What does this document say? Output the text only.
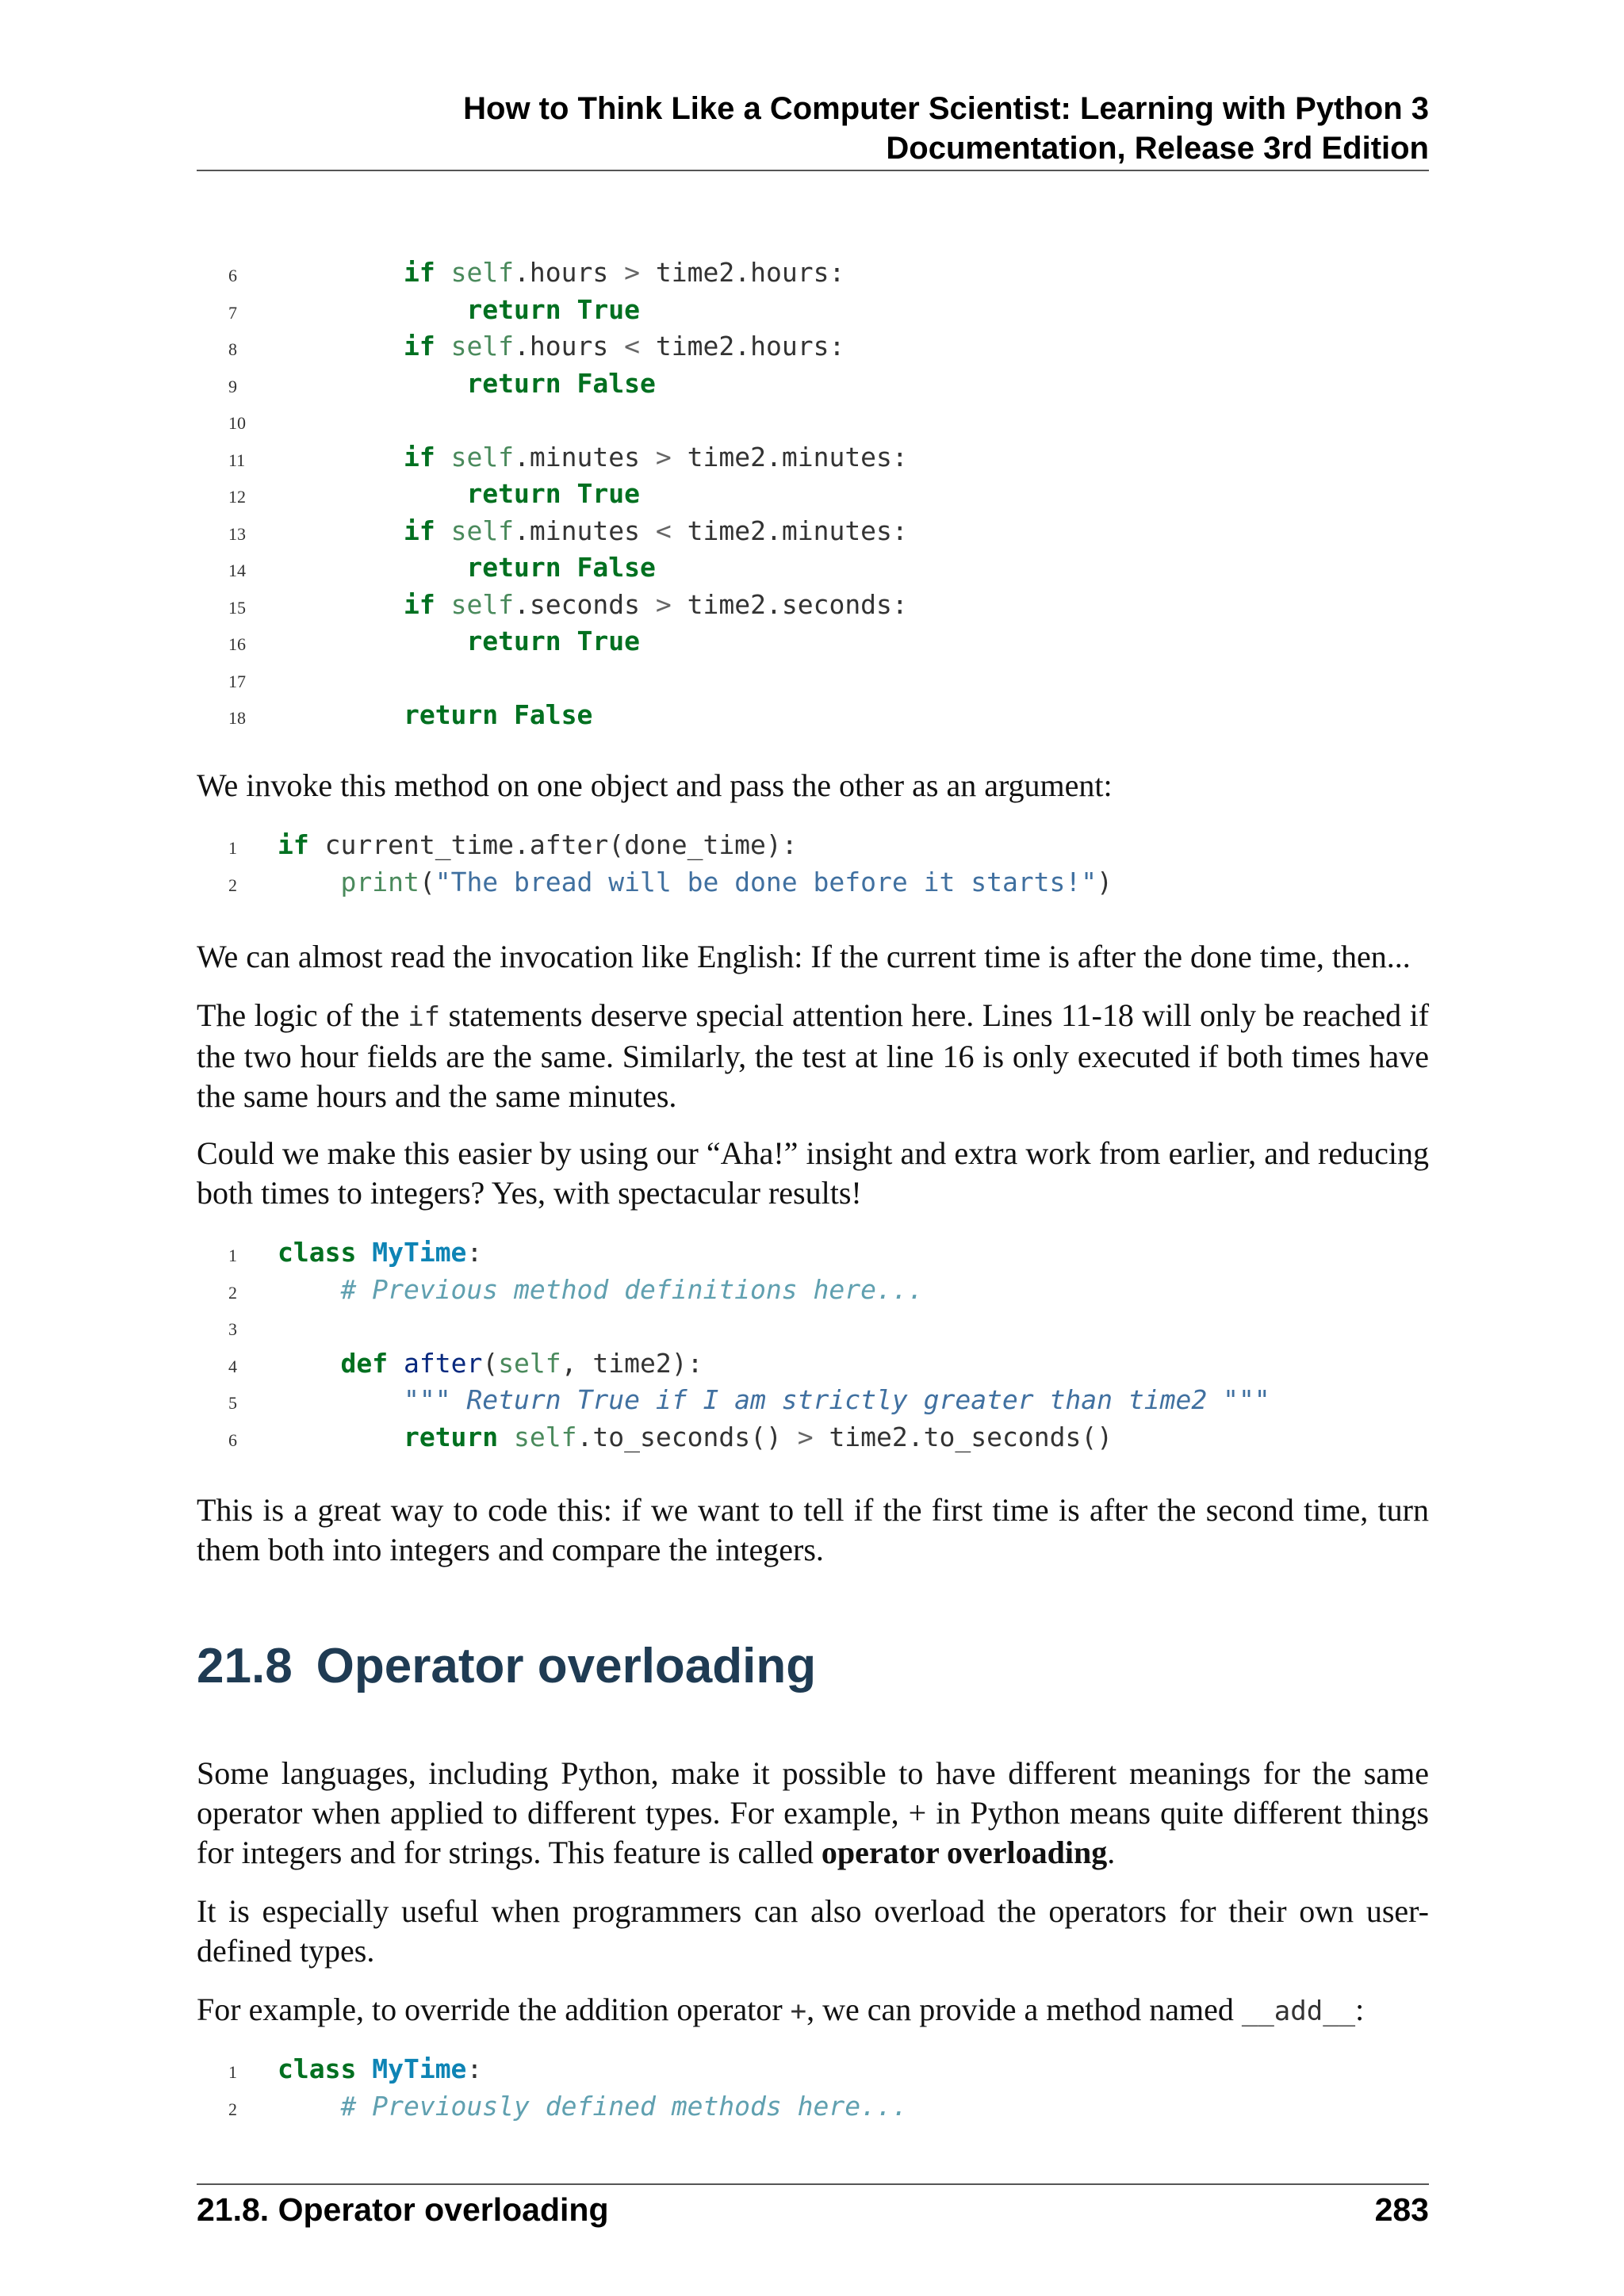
How to Think Like a Computer Scientist: Learning with Python 3
Documentation, Release 3rd Edition
6	if self.hours > time2.hours:
7	return True
8	if self.hours < time2.hours:
9	return False
10

11	if self.minutes > time2.minutes:
12	return True
13	if self.minutes < time2.minutes:
14	return False
15	if self.seconds > time2.seconds:
16	return True
17

18	return False

We invoke this method on one object and pass the other as an argument:

1	if current_time.after(done_time):
2	print("The bread will be done before it starts!")

We can almost read the invocation like English: If the current time is after the done time, then...

The logic of the if statements deserve special attention here. Lines 11-18 will only be reached if the two hour fields are the same. Similarly, the test at line 16 is only executed if both times have the same hours and the same minutes.

Could we make this easier by using our “Aha!” insight and extra work from earlier, and reducing both times to integers? Yes, with spectacular results!

1	class MyTime:
2	# Previous method definitions here...
3

4	def after(self, time2):
5	""" Return True if I am strictly greater than time2 """
6	return self.to_seconds() > time2.to_seconds()

This is a great way to code this: if we want to tell if the first time is after the second time, turn them both into integers and compare the integers.

21.8 Operator overloading

Some languages, including Python, make it possible to have different meanings for the same operator when applied to different types. For example, + in Python means quite different things for integers and for strings. This feature is called operator overloading.

It is especially useful when programmers can also overload the operators for their own user-defined types.

For example, to override the addition operator +, we can provide a method named __add__:

1	class MyTime:
2	# Previously defined methods here...
21.8. Operator overloading	283
